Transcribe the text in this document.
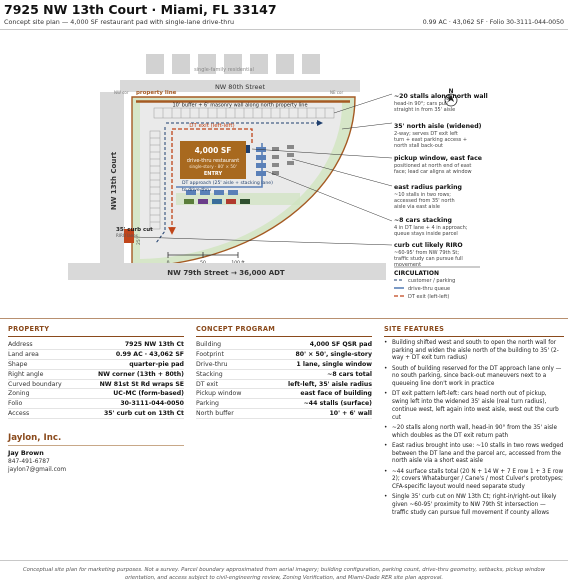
7925 NW 13th Court · Miami, FL 33147
Concept site plan — 4,000 SF restaurant pad with single-lane drive-thru	0.99 AC · 43,062 SF · Folio 30-3111-044-0050
single-family residential
NW 80th Street
NW 13th Court
NW cor	NE cor
property line
10' buffer + 6' masonry wall along north property line
DT exit (left-left)
4,000 SF
drive-thru restaurant
single-story · 80' × 50'
ENTRY
DT approach (25' aisle + stacking lane)
to drive-thru
35' curb cut
RIRO lanes
25'
NW 79th Street → 36,000 ADT
N
~20 stalls along north wall
head-in 90°; cars pull
straight in from 35' aisle
35' north aisle (widened)
2-way; serves DT exit left
turn + east parking access +
north stall back-out
pickup window, east face
positioned at north end of east
face; lead car aligns at window
east radius parking
~10 stalls in two rows;
accessed from 35' north
aisle via east aisle
~8 cars stacking
4 in DT lane + 4 in approach;
queue stays inside parcel
curb cut likely RIRO
~60-95' from NW 79th St;
traffic study can pursue full
movement
CIRCULATION
customer / parking
drive-thru queue
DT exit (left-left)
PROPERTY
Address	7925 NW 13th Ct
Land area	0.99 AC · 43,062 SF
Shape	quarter-pie pad
Right angle	NW corner (13th + 80th)
Curved boundary	NW 81st St Rd wraps SE
Zoning	UC-MC (form-based)
Folio	30-3111-044-0050
Access	35' curb cut on 13th Ct
Jaylon, Inc.
Jay Brown
847-491-6787
jaylon7@gmail.com
CONCEPT PROGRAM
Building	4,000 SF QSR pad
Footprint	80' × 50', single-story
Drive-thru	1 lane, single window
Stacking	~8 cars total
DT exit	left-left, 35' aisle radius
Pickup window	east face of building
Parking	~44 stalls (surface)
North buffer	10' + 6' wall
SITE FEATURES
• Building shifted west and south to open the north wall for parking and widen the aisle north of the building to 35' (2-way + DT exit turn radius)
• South of building reserved for the DT approach lane only — no south parking, since back-out maneuvers next to a queueing line don't work in practice
• DT exit pattern left-left: cars head north out of pickup, swing left into the widened 35' aisle (real turn radius), continue west, left again into west aisle, west out the curb cut
• ~20 stalls along north wall, head-in 90° from the 35' aisle which doubles as the DT exit return path
• East radius brought into use: ~10 stalls in two rows wedged between the DT lane and the parcel arc, accessed from the north aisle via a short east aisle
• ~44 surface stalls total (20 N + 14 W + 7 E row 1 + 3 E row 2); covers Whataburger / Cane's / most Culver's prototypes; CFA-specific layout would need separate study
• Single 35' curb cut on NW 13th Ct; right-in/right-out likely given ~60-95' proximity to NW 79th St intersection — traffic study can pursue full movement if county allows
Conceptual site plan for marketing purposes. Not a survey. Parcel boundary approximated from aerial imagery; building configuration, parking count, drive-thru geometry, setbacks, pickup window orientation, and access subject to civil-engineering review, Zoning Verification, and Miami-Dade RER site plan approval.
